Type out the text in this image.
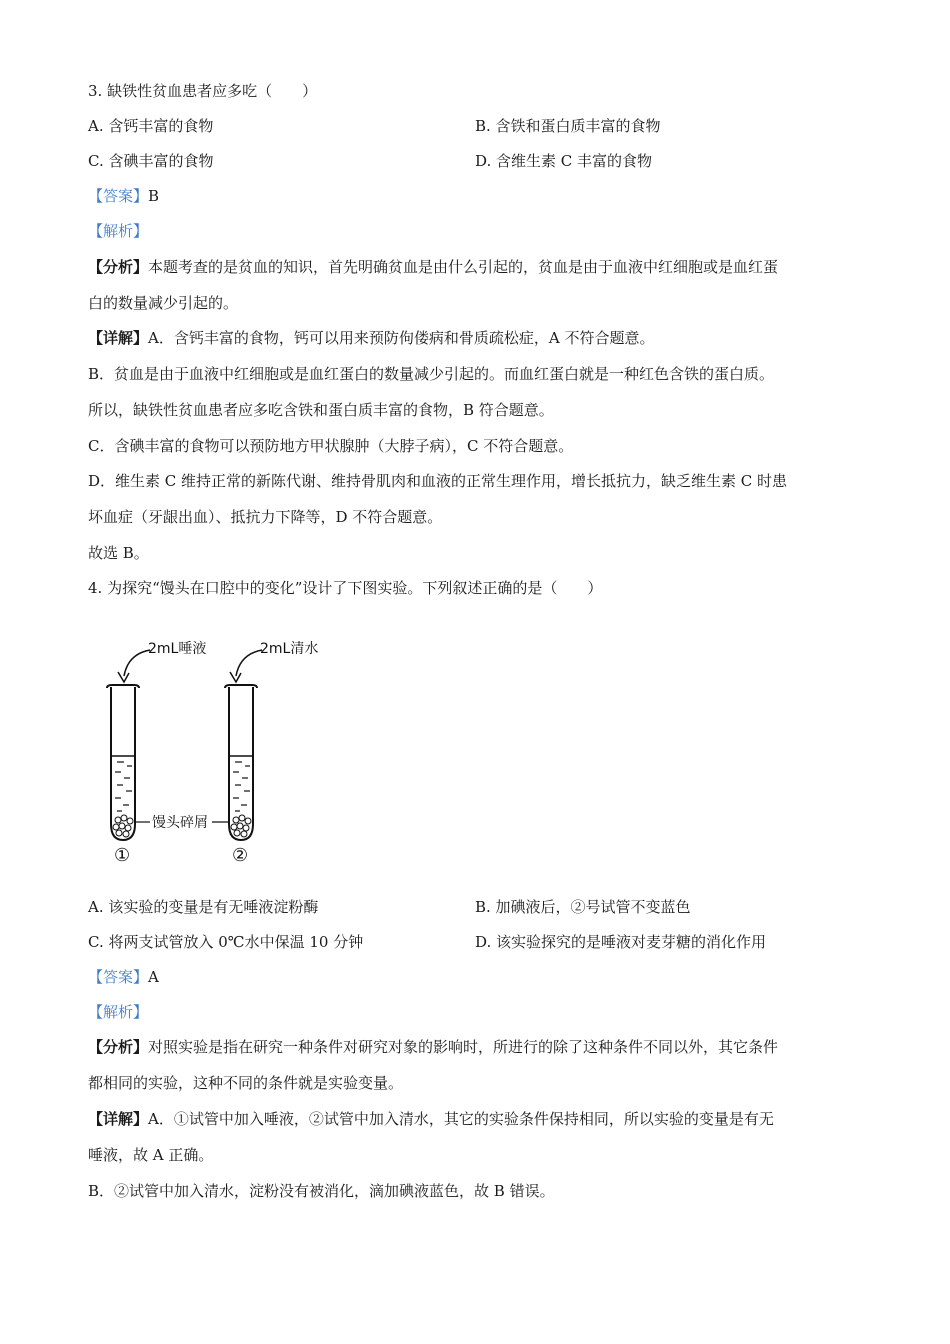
3. 缺铁性贫血患者应多吃（　　）
A. 含钙丰富的食物	B. 含铁和蛋白质丰富的食物
C. 含碘丰富的食物	D. 含维生素 C 丰富的食物
【答案】B
【解析】
【分析】本题考查的是贫血的知识，首先明确贫血是由什么引起的，贫血是由于血液中红细胞或是血红蛋
白的数量减少引起的。
【详解】A．含钙丰富的食物，钙可以用来预防佝偻病和骨质疏松症，A 不符合题意。
B．贫血是由于血液中红细胞或是血红蛋白的数量减少引起的。而血红蛋白就是一种红色含铁的蛋白质。
所以，缺铁性贫血患者应多吃含铁和蛋白质丰富的食物，B 符合题意。
C．含碘丰富的食物可以预防地方甲状腺肿（大脖子病），C 不符合题意。
D．维生素 C 维持正常的新陈代谢、维持骨肌肉和血液的正常生理作用，增长抵抗力，缺乏维生素 C 时患
坏血症（牙龈出血）、抵抗力下降等，D 不符合题意。
故选 B。
4. 为探究“馒头在口腔中的变化”设计了下图实验。下列叙述正确的是（　　）
2mL唾液	2mL清水
馒头碎屑
①	②
A. 该实验的变量是有无唾液淀粉酶	B. 加碘液后，②号试管不变蓝色
C. 将两支试管放入 0℃水中保温 10 分钟	D. 该实验探究的是唾液对麦芽糖的消化作用
【答案】A
【解析】
【分析】对照实验是指在研究一种条件对研究对象的影响时，所进行的除了这种条件不同以外，其它条件
都相同的实验，这种不同的条件就是实验变量。
【详解】A．①试管中加入唾液，②试管中加入清水，其它的实验条件保持相同，所以实验的变量是有无
唾液，故 A 正确。
B．②试管中加入清水，淀粉没有被消化，滴加碘液蓝色，故 B 错误。
